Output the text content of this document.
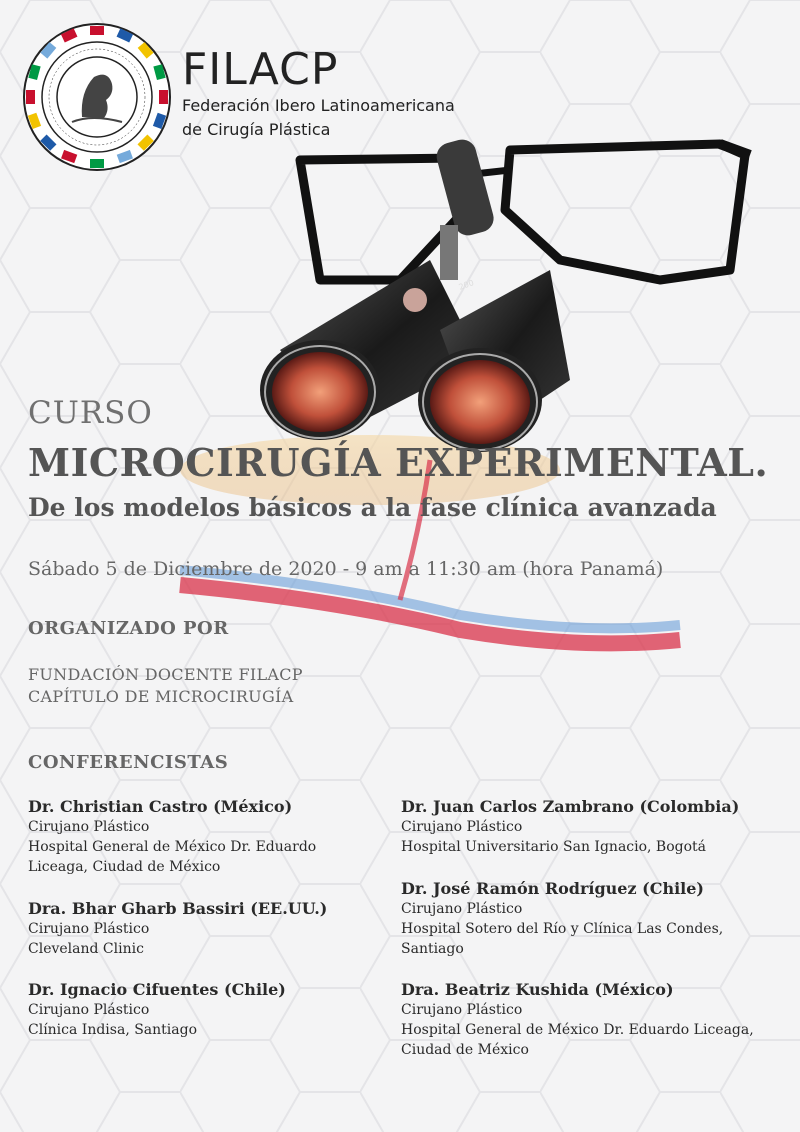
FILACP
Federación Ibero Latinoamericana
de Cirugía Plástica
200
CURSO
MICROCIRUGÍA EXPERIMENTAL.
De los modelos básicos a la fase clínica avanzada
Sábado 5 de Diciembre de 2020 - 9 am a 11:30 am (hora Panamá)
ORGANIZADO POR
FUNDACIÓN DOCENTE FILACP
CAPÍTULO DE MICROCIRUGÍA
CONFERENCISTAS
Dr. Christian Castro (México)
Cirujano Plástico
Hospital General de México Dr. Eduardo
Liceaga, Ciudad de México
Dra. Bhar Gharb Bassiri (EE.UU.)
Cirujano Plástico
Cleveland Clinic
Dr. Ignacio Cifuentes (Chile)
Cirujano Plástico
Clínica Indisa, Santiago
Dr. Juan Carlos Zambrano (Colombia)
Cirujano Plástico
Hospital Universitario San Ignacio, Bogotá
Dr. José Ramón Rodríguez (Chile)
Cirujano Plástico
Hospital Sotero del Río y Clínica Las Condes,
Santiago
Dra. Beatriz Kushida (México)
Cirujano Plástico
Hospital General de México Dr. Eduardo Liceaga,
Ciudad de México
